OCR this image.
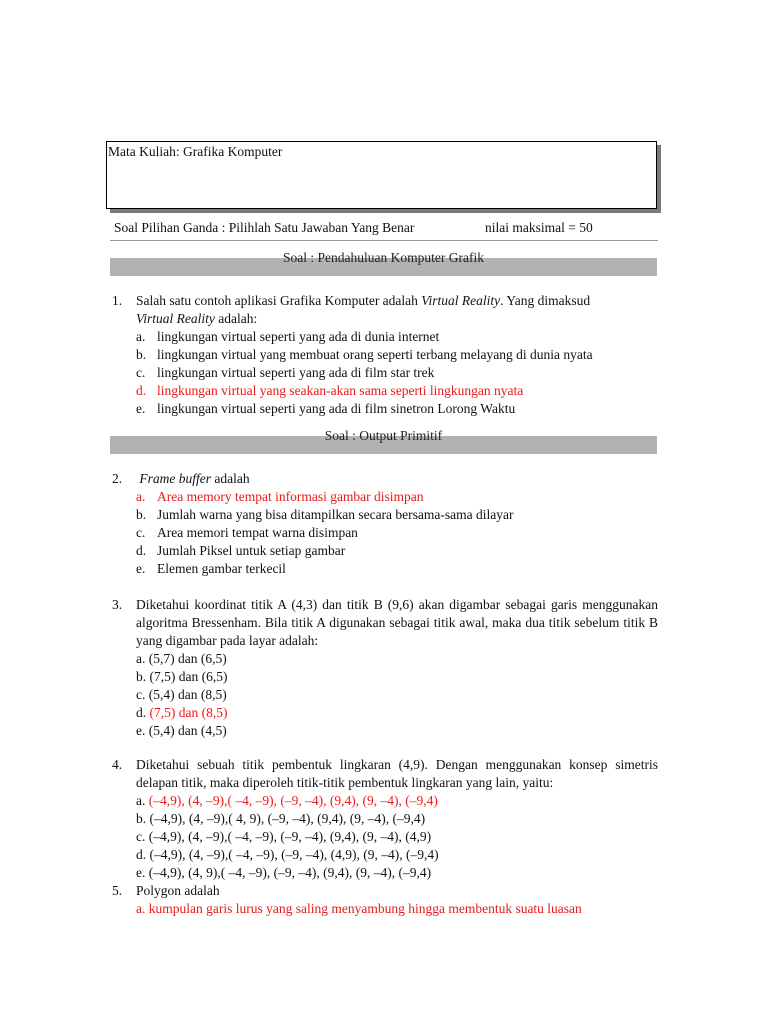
Mata Kuliah: Grafika Komputer
Soal Pilihan Ganda : Pilihlah Satu Jawaban Yang Benar	nilai maksimal = 50
Soal : Pendahuluan Komputer Grafik
1.	Salah satu contoh aplikasi Grafika Komputer adalah Virtual Reality. Yang dimaksud
Virtual Reality adalah:
a. lingkungan virtual seperti yang ada di dunia internet
b. lingkungan virtual yang membuat orang seperti terbang melayang di dunia nyata
c. lingkungan virtual seperti yang ada di film star trek
d. lingkungan virtual yang seakan-akan sama seperti lingkungan nyata
e. lingkungan virtual seperti yang ada di film sinetron Lorong Waktu
Soal : Output Primitif
2.	Frame buffer adalah
a. Area memory tempat informasi gambar disimpan
b. Jumlah warna yang bisa ditampilkan secara bersama-sama dilayar
c. Area memori tempat warna disimpan
d. Jumlah Piksel untuk setiap gambar
e. Elemen gambar terkecil
3.	Diketahui koordinat titik A (4,3) dan titik B (9,6) akan digambar sebagai garis menggunakan algoritma Bressenham. Bila titik A digunakan sebagai titik awal, maka dua titik sebelum titik B yang digambar pada layar adalah:
a. (5,7) dan (6,5)
b. (7,5) dan (6,5)
c. (5,4) dan (8,5)
d. (7,5) dan (8,5)
e. (5,4) dan (4,5)
4.	Diketahui sebuah titik pembentuk lingkaran (4,9). Dengan menggunakan konsep simetris delapan titik, maka diperoleh titik-titik pembentuk lingkaran yang lain, yaitu:
a. (–4,9), (4, –9),( –4, –9), (–9, –4), (9,4), (9, –4), (–9,4)
b. (–4,9), (4, –9),( 4, 9), (–9, –4), (9,4), (9, –4), (–9,4)
c. (–4,9), (4, –9),( –4, –9), (–9, –4), (9,4), (9, –4), (4,9)
d. (–4,9), (4, –9),( –4, –9), (–9, –4), (4,9), (9, –4), (–9,4)
e. (–4,9), (4, 9),( –4, –9), (–9, –4), (9,4), (9, –4), (–9,4)
5.	Polygon adalah
a. kumpulan garis lurus yang saling menyambung hingga membentuk suatu luasan
